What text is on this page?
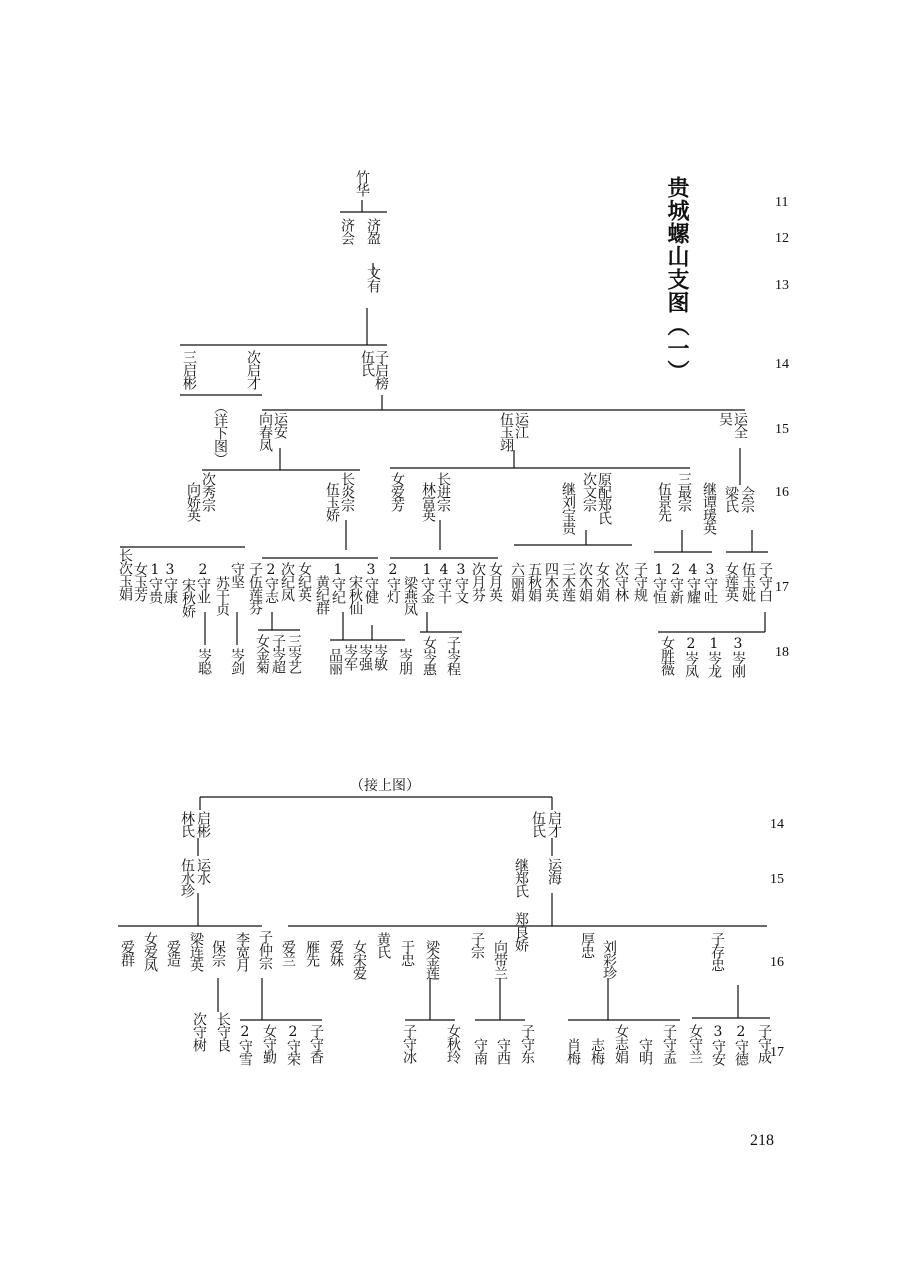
贵城螺山支图（一）	11
12
13
14
15
16
17
18
14
15
16
17
竹华
济会 济盈
文有
三启彬	次启才	子启榜
伍氏
（详下图）	运安
向春凤	运江
伍玉翊	运全
吴
次秀宗
向娇英	长炎宗
伍玉娇	女爱芳 长进宗
林富英	次文宗 原配郑氏
继刘宝贵	三最宗
伍景先 继谭瑗英 会宗
梁氏
长次玉娟 女玉芳 1守贵 3守康 宋秋娇 2守业 苏干贞
守坚 子伍莲芬 2守志 次纪凤 女纪英 黄纪群 1守纪 宋秋仙 3守健 2守灯 梁燕凤 1守金 4守干 3守文 次月芬 女月英 六丽娟 五秋娟 四木英 三木莲 次木娟 女水娟 次守林 子守规 1守恒 2守新 4守耀 3守吐 女莲英 伍玉妣 子守白
岑聪 岑剑 女金菊 子岑超 三岑艺 品丽 岑军 岑强 岑敏 岑朋 女岑惠 子岑程	女胜薇 2岑凤 1岑龙 3岑刚
（接上图）
启彬
林氏	启才
伍氏
运水
伍水珍	运海
继郑氏 郑良娇
爱群 女爱凤 爱造 梁连英 保宗 李宽月 子仲宗 爱兰 雁先 爱妹 女宋爱 黄氏 于忠 梁金莲 子宗 向带兰	厚忠 刘彩珍	子存忠
次守树 长守良 2守雪 女守勤 2守荣 子守香	子守冰 女秋玲 守南 守西 子守东 肖梅 志梅 女志娟 守明 子守孟 女守兰 3守安 2守德 子守成
218
